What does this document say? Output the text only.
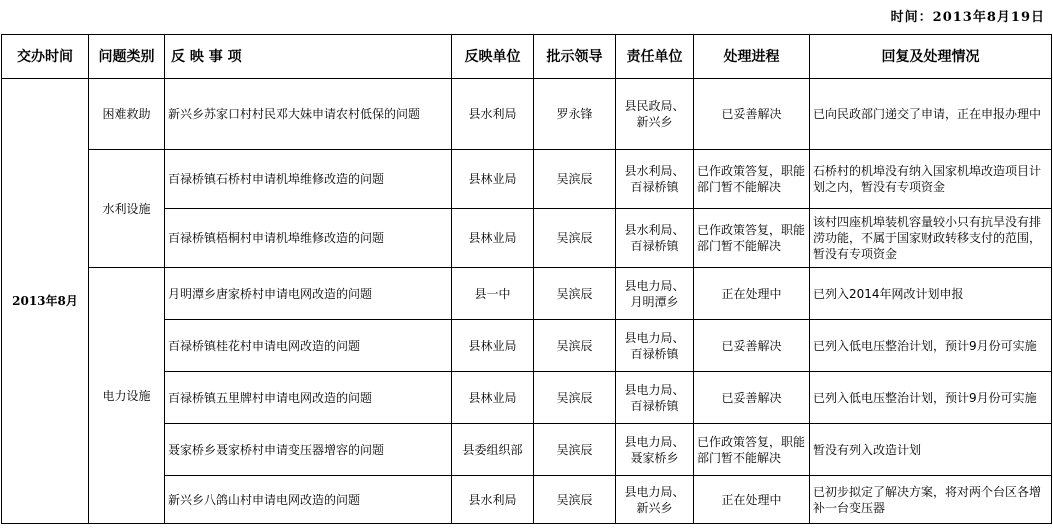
时间：2013年8月19日
交办时间	问题类别	反 映 事 项	反映单位	批示领导	责任单位	处理进程	回复及处理情况
2013年8月	困难救助	新兴乡苏家口村村民邓大妹申请农村低保的问题	县水利局	罗永锋	县民政局、
新兴乡	已妥善解决	已向民政部门递交了申请，正在申报办理中
	水利设施	百禄桥镇石桥村申请机埠维修改造的问题	县林业局	吴滨辰	县水利局、
百禄桥镇	已作政策答复，职能部门暂不能解决	石桥村的机埠没有纳入国家机埠改造项目计划之内，暂没有专项资金
		百禄桥镇梧桐村申请机埠维修改造的问题	县林业局	吴滨辰	县水利局、
百禄桥镇	已作政策答复，职能部门暂不能解决	该村四座机埠装机容量较小只有抗旱没有排涝功能，不属于国家财政转移支付的范围，暂没有专项资金
	电力设施	月明潭乡唐家桥村申请电网改造的问题	县一中	吴滨辰	县电力局、
月明潭乡	正在处理中	已列入2014年网改计划申报
		百禄桥镇桂花村申请电网改造的问题	县林业局	吴滨辰	县电力局、
百禄桥镇	已妥善解决	已列入低电压整治计划，预计9月份可实施
		百禄桥镇五里牌村申请电网改造的问题	县林业局	吴滨辰	县电力局、
百禄桥镇	已妥善解决	已列入低电压整治计划，预计9月份可实施
		聂家桥乡聂家桥村申请变压器增容的问题	县委组织部	吴滨辰	县电力局、
聂家桥乡	已作政策答复，职能部门暂不能解决	暂没有列入改造计划
		新兴乡八鸽山村申请电网改造的问题	县水利局	吴滨辰	县电力局、
新兴乡	正在处理中	已初步拟定了解决方案，将对两个台区各增补一台变压器
